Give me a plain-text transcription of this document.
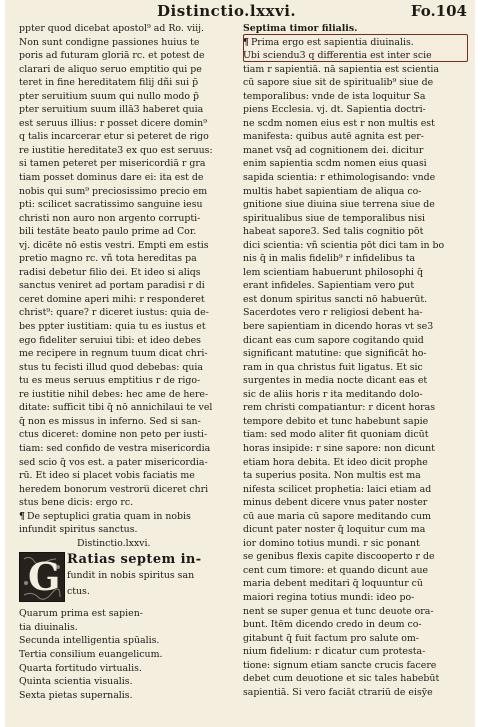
Distinctio.lxxvi.	Fo.104
ppter quod dicebat apostol⁹ ad Ro. viij.
Non sunt condigne passiones huius te
poris ad futuram gloriā rc. et potest de
clarari de aliquo seruo emptitio qui pe
teret in fine hereditatem filij dñi sui p̄
pter seruitium suum qui nullo modo p̄
pter seruitium suum illā3 haberet quia
est seruus illius: r posset dicere domin⁹
q talis incarcerar etur si peteret de rigo
re iustitie hereditate3 ex quo est seruus:
si tamen peteret per misericordiā r gra
tiam posset dominus dare ei: ita est de
nobis qui sum⁹ preciosissimo precio em
pti: scilicet sacratissimo sanguine iesu
christi non auro non argento corrupti-
bili testāte beato paulo prime ad Cor.
vj. dicēte nō estis vestri. Empti em estis
pretio magno rc. vñ tota hereditas pa
radisi debetur filio dei. Et ideo si aliqs
sanctus veniret ad portam paradisi r di
ceret domine aperi mihi: r responderet
christ⁹: quare? r diceret iustus: quia de-
bes ppter iustitiam: quia tu es iustus et
ego fideliter seruiui tibi: et ideo debes
me recipere in regnum tuum dicat chri-
stus tu fecisti illud quod debebas: quia
tu es meus seruus emptitius r de rigo-
re iustitie nihil debes: hec ame de here-
ditate: sufficit tibi q̄ nō annichilaui te vel
q̄ non es missus in inferno. Sed si san-
ctus diceret: domine non peto per iusti-
tiam: sed confido de vestra misericordia
sed scio q̄ vos est. a pater misericordia-
rū. Et ideo si placet vobis faciatis me
heredem bonorum vestroru̅ diceret chri
stus bene dicis: ergo rc.
¶ De septuplici gratia quam in nobis
infundit spiritus sanctus.
Distinctio.lxxvi.
G Ratias septem in-
fundit in nobis spiritus san
ctus.
Quarum prima est sapien-
tia diuinalis.
Secunda intelligentia spūalis.
Tertia consilium euangelicum.
Quarta fortitudo virtualis.
Quinta scientia visualis.
Sexta pietas supernalis.
Septima timor filialis.
¶ Prima ergo est sapientia diuinalis.
Ubi sciendu3 q differentia est inter scie
tiam r sapientiā. nā sapientia est scientia
cū sapore siue sit de spiritualib⁹ siue de
temporalibus: vnde de ista loquitur Sa
piens Ecclesia. vj. dt. Sapientia doctri-
ne scdm nomen eius est r non multis est
manifesta: quibus autē agnita est per-
manet vsq̄ ad cognitionem dei. dicitur
enim sapientia scdm nomen eius quasi
sapida scientia: r ethimologisando: vnde
multis habet sapientiam de aliqua co-
gnitione siue diuina siue terrena siue de
spiritualibus siue de temporalibus nisi
habeat sapore3. Sed talis cognitio pōt
dici scientia: vñ scientia pōt dici tam in bo
nis q̄ in malis fidelib⁹ r infidelibus ta
lem scientiam habuerunt philosophi q̄
erant infideles. Sapientiam vero ꝑut
est donum spiritus sancti nō habuerūt.
Sacerdotes vero r religiosi debent ha-
bere sapientiam in dicendo horas vt se3
dicant eas cum sapore cogitando quid
significant matutine: que significāt ho-
ram in qua christus fuit ligatus. Et sic
surgentes in media nocte dicant eas et
sic de aliis horis r ita meditando dolo-
rem christi compatiantur: r dicent horas
tempore debito et tunc habebunt sapie
tiam: sed modo aliter fit quoniam dicūt
horas insipide: r sine sapore: non dicunt
etiam hora debita. Et ideo dicit prophe
ta superius posita. Non multis est ma
nifesta scilicet prophetia: laici etiam ad
minus debent dicere vnus pater noster
cū aue maria cū sapore meditando cum
dicunt pater noster q̄ loquitur cum ma
ior domino totius mundi. r sic ponant
se genibus flexis capite discooperto r de
cent cum timore: et quando dicunt aue
maria debent meditari q̄ loquuntur cū
maiori regina totius mundi: ideo po-
nent se super genua et tunc deuote ora-
bunt. Itēm dicendo credo in deum co-
gitabunt q̄ fuit factum pro salute om-
nium fidelium: r dicatur cum protesta-
tione: signum etiam sancte crucis facere
debet cum deuotione et sic tales habebūt
sapientiā. Si vero faciāt ctrariū de eisȳe
